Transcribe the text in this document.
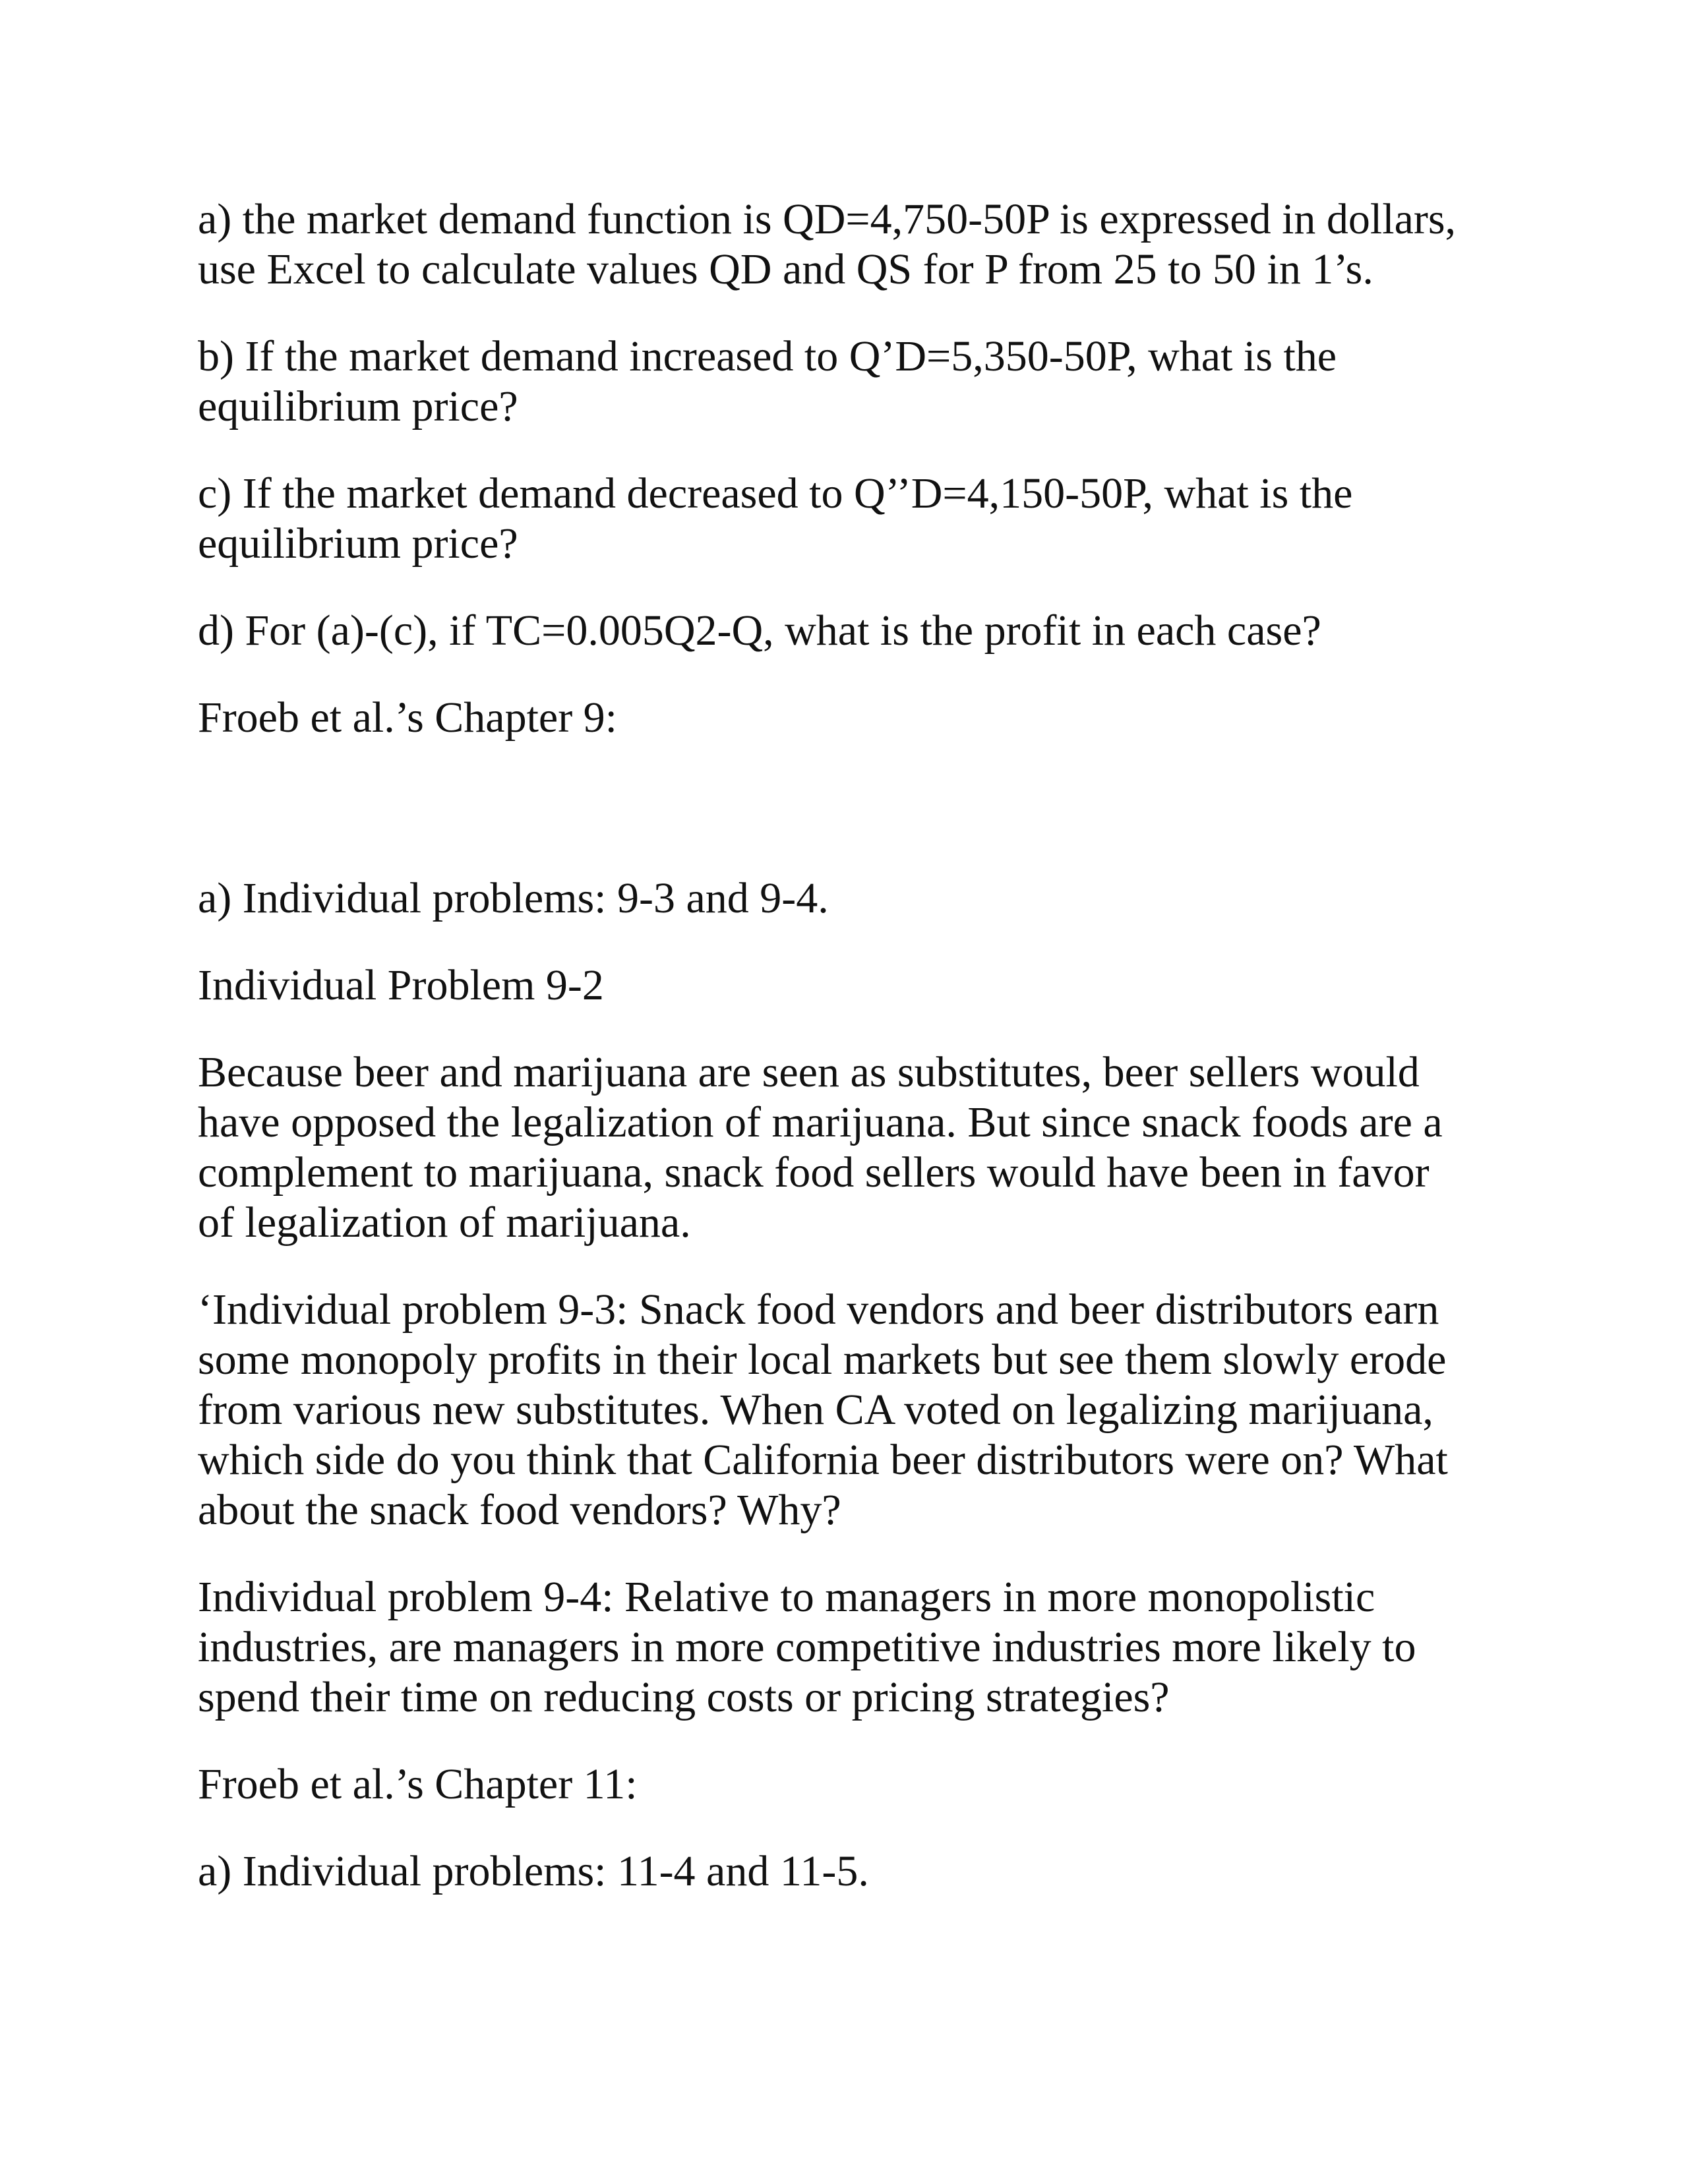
a) the market demand function is QD=4,750-50P is expressed in dollars,
use Excel to calculate values QD and QS for P from 25 to 50 in 1’s.

b) If the market demand increased to Q’D=5,350-50P, what is the
equilibrium price?

c) If the market demand decreased to Q’’D=4,150-50P, what is the
equilibrium price?

d) For (a)-(c), if TC=0.005Q2-Q, what is the profit in each case?

Froeb et al.’s Chapter 9:

a) Individual problems: 9-3 and 9-4.

Individual Problem 9-2

Because beer and marijuana are seen as substitutes, beer sellers would
have opposed the legalization of marijuana. But since snack foods are a
complement to marijuana, snack food sellers would have been in favor
of legalization of marijuana.

‘Individual problem 9-3: Snack food vendors and beer distributors earn
some monopoly profits in their local markets but see them slowly erode
from various new substitutes. When CA voted on legalizing marijuana,
which side do you think that California beer distributors were on? What
about the snack food vendors? Why?

Individual problem 9-4: Relative to managers in more monopolistic
industries, are managers in more competitive industries more likely to
spend their time on reducing costs or pricing strategies?

Froeb et al.’s Chapter 11:

a) Individual problems: 11-4 and 11-5.
